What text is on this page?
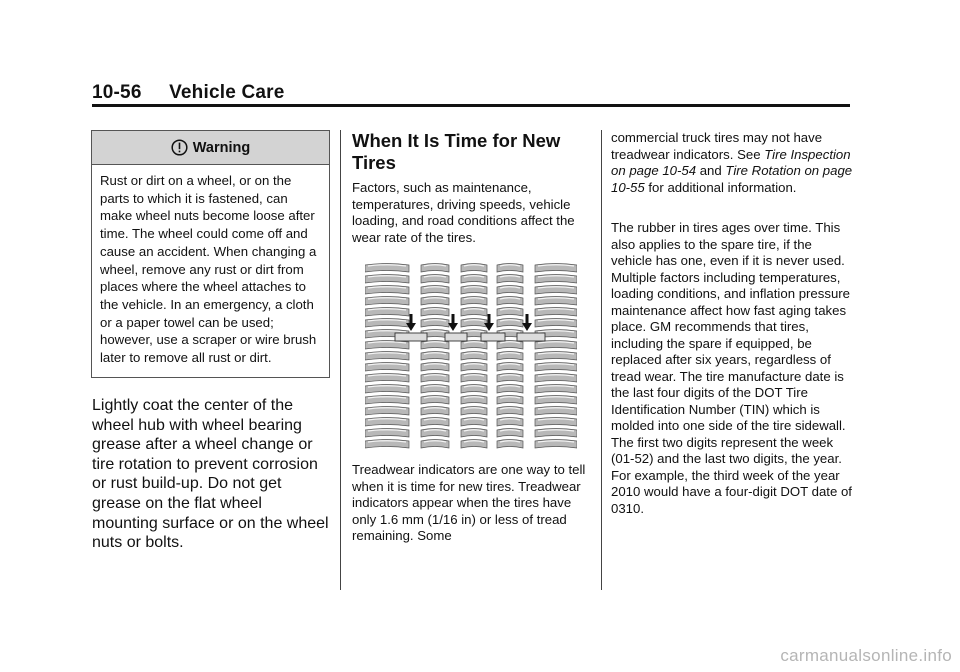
10-56 Vehicle Care
Warning
Rust or dirt on a wheel, or on the parts to which it is fastened, can make wheel nuts become loose after time. The wheel could come off and cause an accident. When changing a wheel, remove any rust or dirt from places where the wheel attaches to the vehicle. In an emergency, a cloth or a paper towel can be used; however, use a scraper or wire brush later to remove all rust or dirt.
Lightly coat the center of the wheel hub with wheel bearing grease after a wheel change or tire rotation to prevent corrosion or rust build-up. Do not get grease on the flat wheel mounting surface or on the wheel nuts or bolts.
When It Is Time for New Tires
Factors, such as maintenance, temperatures, driving speeds, vehicle loading, and road conditions affect the wear rate of the tires.
Treadwear indicators are one way to tell when it is time for new tires. Treadwear indicators appear when the tires have only 1.6 mm (1/16 in) or less of tread remaining. Some
commercial truck tires may not have treadwear indicators. See Tire Inspection on page 10-54 and Tire Rotation on page 10-55 for additional information.
The rubber in tires ages over time. This also applies to the spare tire, if the vehicle has one, even if it is never used. Multiple factors including temperatures, loading conditions, and inflation pressure maintenance affect how fast aging takes place. GM recommends that tires, including the spare if equipped, be replaced after six years, regardless of tread wear. The tire manufacture date is the last four digits of the DOT Tire Identification Number (TIN) which is molded into one side of the tire sidewall. The first two digits represent the week (01-52) and the last two digits, the year. For example, the third week of the year 2010 would have a four-digit DOT date of 0310.
carmanualsonline.info
